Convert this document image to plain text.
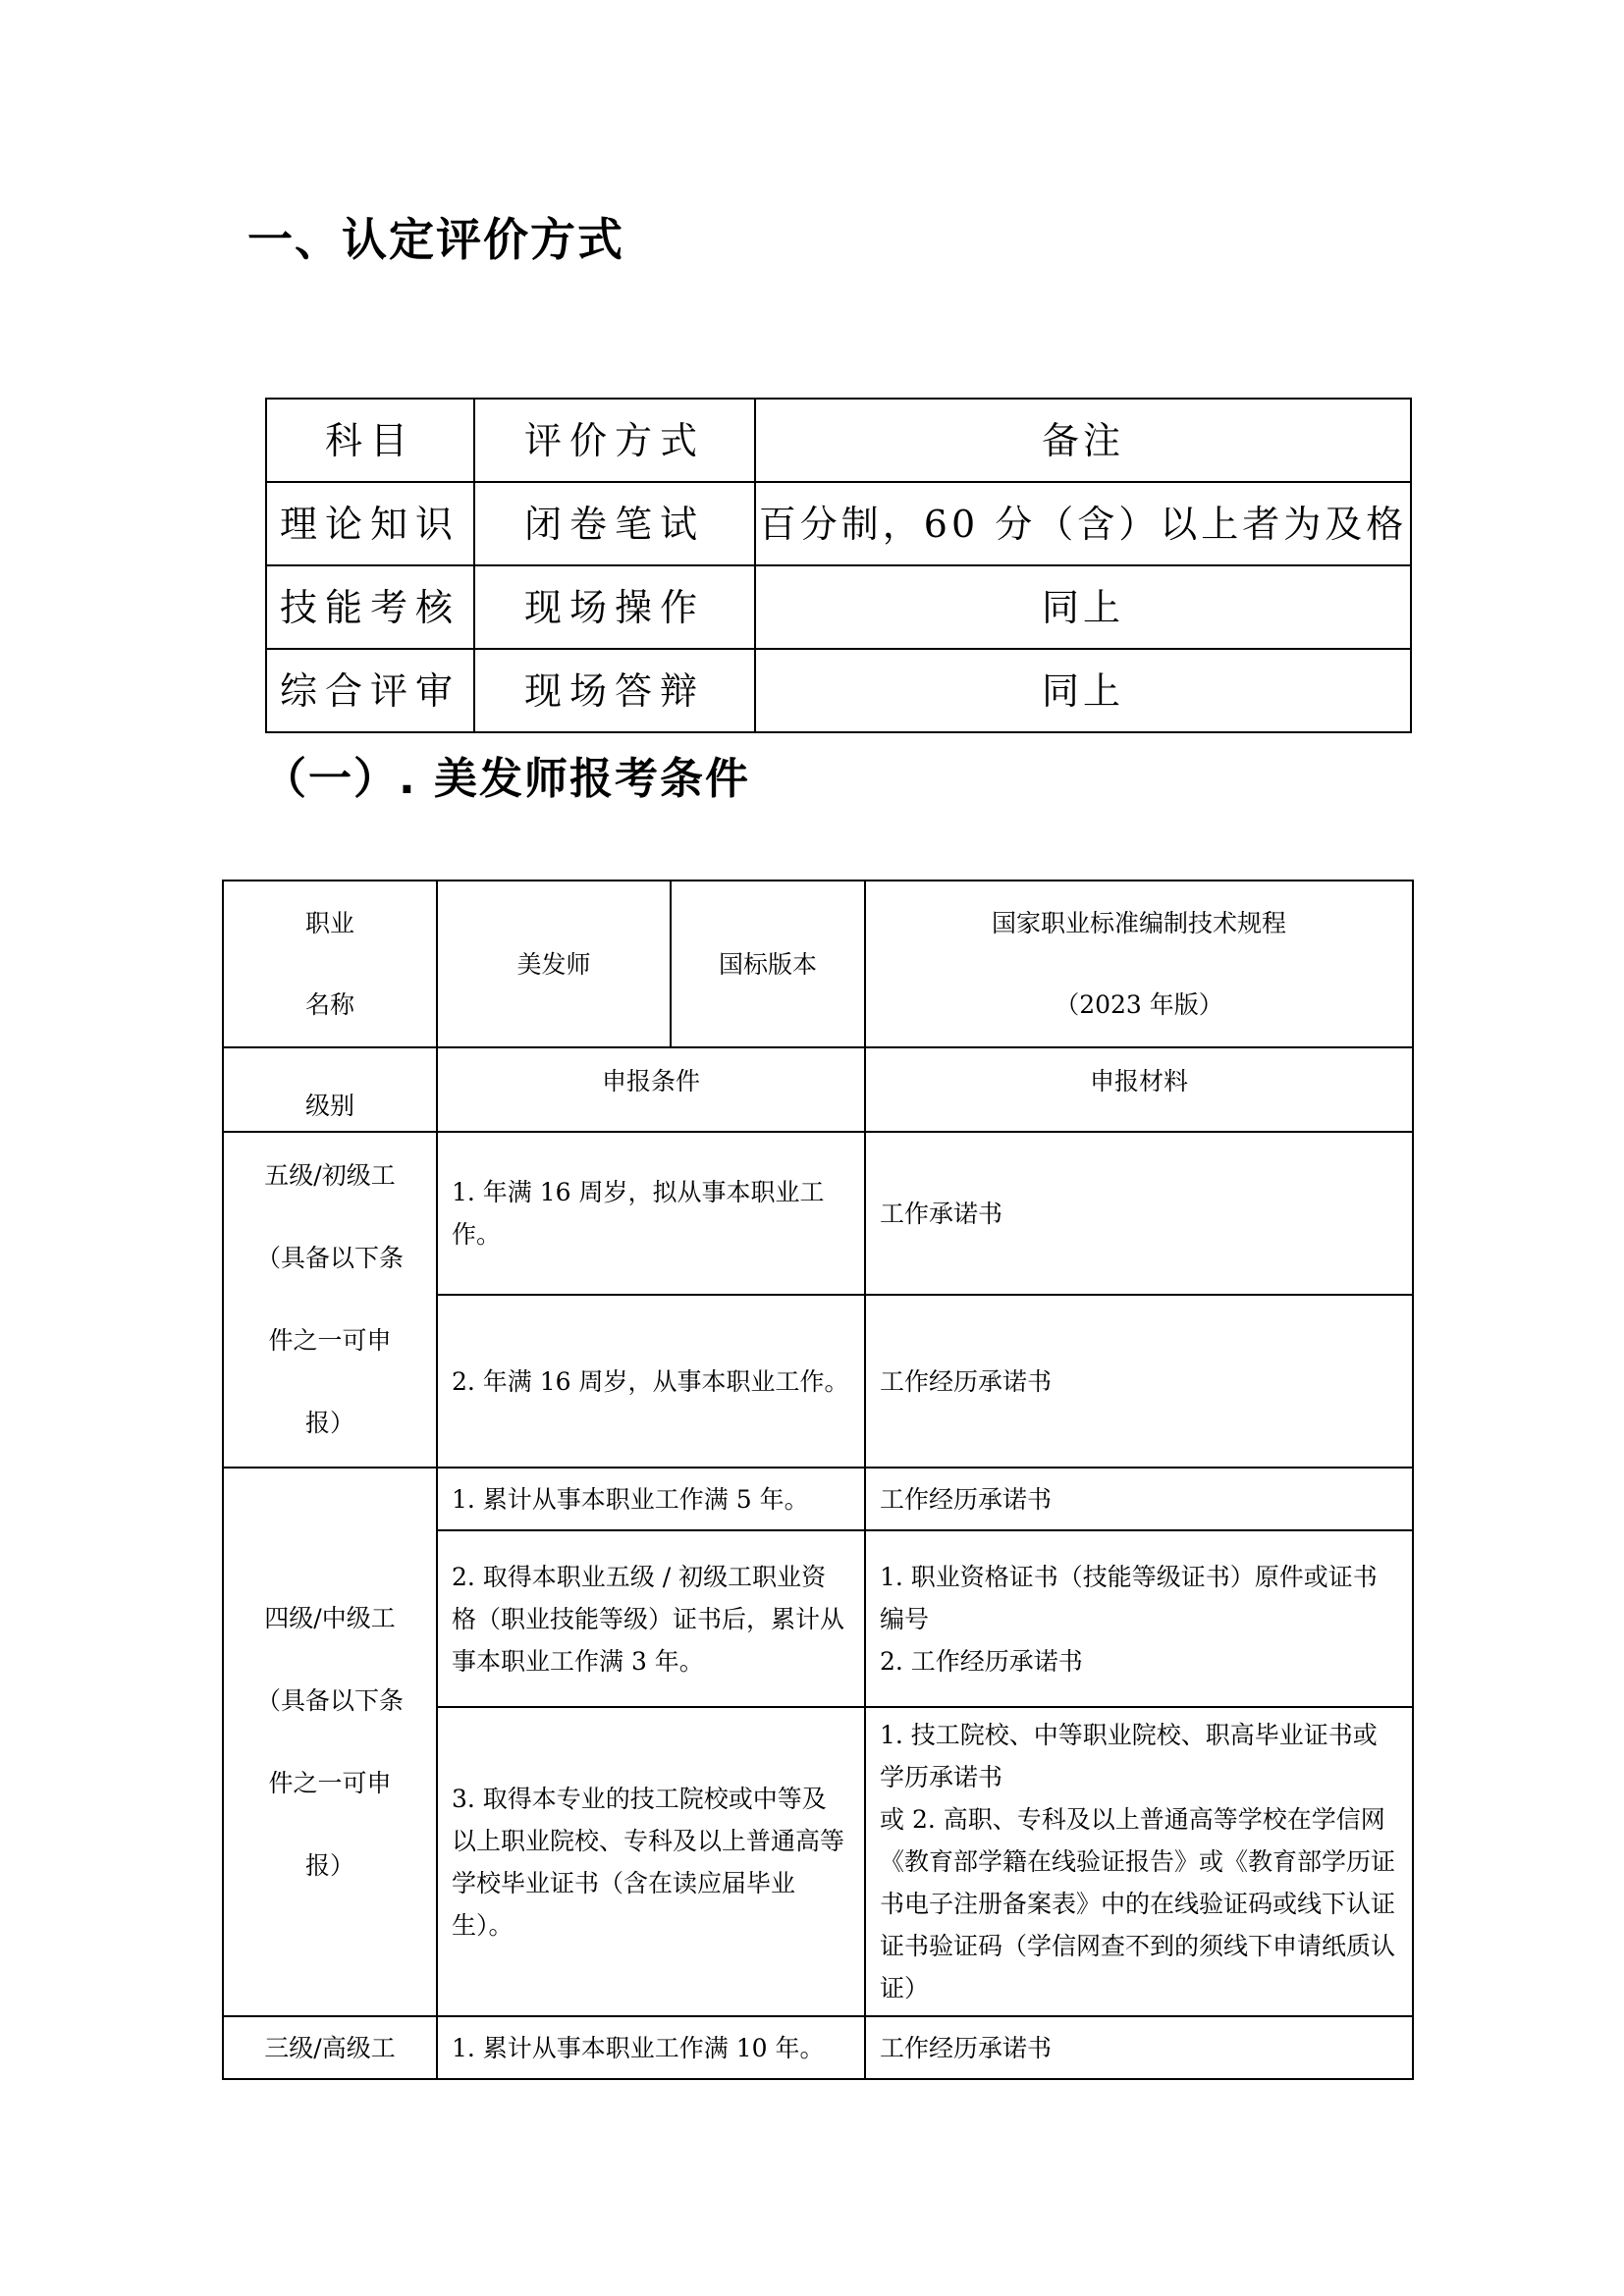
一、认定评价方式
科目	评价方式	备注
理论知识	闭卷笔试	百分制，60 分（含）以上者为及格
技能考核	现场操作	同上
综合评审	现场答辩	同上
（一）. 美发师报考条件
职业
名称	美发师	国标版本	国家职业标准编制技术规程
（2023 年版）

级别	申报条件		申报材料

五级/初级工
（具备以下条
件之一可申
报）	1. 年满 16 周岁，拟从事本职业工作。		工作承诺书
	2. 年满 16 周岁，从事本职业工作。		工作经历承诺书

四级/中级工
（具备以下条
件之一可申
报）	1. 累计从事本职业工作满 5 年。		工作经历承诺书
	2. 取得本职业五级 / 初级工职业资格（职业技能等级）证书后，累计从事本职业工作满 3 年。		1. 职业资格证书（技能等级证书）原件或证书编号
2. 工作经历承诺书

	3. 取得本专业的技工院校或中等及以上职业院校、专科及以上普通高等学校毕业证书（含在读应届毕业生）。		1. 技工院校、中等职业院校、职高毕业证书或学历承诺书
或 2. 高职、专科及以上普通高等学校在学信网《教育部学籍在线验证报告》或《教育部学历证书电子注册备案表》中的在线验证码或线下认证证书验证码（学信网查不到的须线下申请纸质认证）

三级/高级工	1. 累计从事本职业工作满 10 年。		工作经历承诺书
